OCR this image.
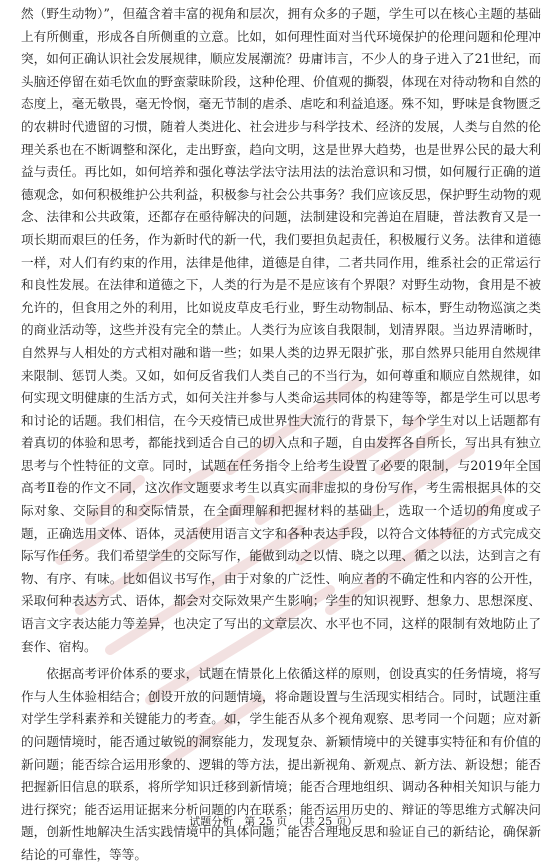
然（野生动物）”，但蕴含着丰富的视角和层次，拥有众多的子题，学生可以在核心主题的基础上有所侧重，形成各自所侧重的立意。比如，如何理性面对当代环境保护的伦理问题和伦理冲突，如何正确认识社会发展规律，顺应发展潮流？毋庸讳言，不少人的身子进入了21世纪，而头脑还停留在茹毛饮血的野蛮蒙昧阶段，这种伦理、价值观的撕裂，体现在对待动物和自然的态度上，毫无敬畏，毫无怜悯，毫无节制的虐杀、虐吃和利益追逐。殊不知，野味是食物匮乏的农耕时代遗留的习惯，随着人类进化、社会进步与科学技术、经济的发展，人类与自然的伦理关系也在不断调整和深化，走出野蛮，趋向文明，这是世界大趋势，也是世界公民的最大利益与责任。再比如，如何培养和强化尊法学法守法用法的法治意识和习惯，如何履行正确的道德观念，如何积极维护公共利益，积极参与社会公共事务？我们应该反思，保护野生动物的观念、法律和公共政策，还都存在亟待解决的问题，法制建设和完善迫在眉睫，普法教育又是一项长期而艰巨的任务，作为新时代的新一代，我们要担负起责任，积极履行义务。法律和道德一样，对人们有约束的作用，法律是他律，道德是自律，二者共同作用，维系社会的正常运行和良性发展。在法律和道德之下，人类的行为是不是应该有个界限？对野生动物，食用是不被允许的，但食用之外的利用，比如说皮草皮毛行业，野生动物制品、标本，野生动物巡演之类的商业活动等，这些并没有完全的禁止。人类行为应该自我限制，划清界限。当边界清晰时，自然界与人相处的方式相对融和谐一些；如果人类的边界无限扩张，那自然界只能用自然规律来限制、惩罚人类。又如，如何反省我们人类自己的不当行为，如何尊重和顺应自然规律，如何实现文明健康的生活方式，如何关注并参与人类命运共同体的构建等等，都是学生可以思考和讨论的话题。我们相信，在今天疫情已成世界性大流行的背景下，每个学生对以上话题都有着真切的体验和思考，都能找到适合自己的切入点和子题，自由发挥各自所长，写出具有独立思考与个性特征的文章。同时，试题在任务指令上给考生设置了必要的限制，与2019年全国高考Ⅱ卷的作文不同，这次作文题要求考生以真实而非虚拟的身份写作，考生需根据具体的交际对象、交际目的和交际情景，在全面理解和把握材料的基础上，选取一个适切的角度或子题，正确选用文体、语体，灵活使用语言文字和各种表达手段，以符合文体特征的方式完成交际写作任务。我们希望学生的交际写作，能做到动之以情、晓之以理、循之以法，达到言之有物、有序、有味。比如倡议书写作，由于对象的广泛性、响应者的不确定性和内容的公开性，采取何种表达方式、语体，都会对交际效果产生影响；学生的知识视野、想象力、思想深度、语言文字表达能力等差异，也决定了写出的文章层次、水平也不同，这样的限制有效地防止了套作、宿构。

依据高考评价体系的要求，试题在情景化上依循这样的原则，创设真实的任务情境，将写作与人生体验相结合；创设开放的问题情境，将命题设置与生活现实相结合。同时，试题注重对学生学科素养和关键能力的考查。如，学生能否从多个视角观察、思考同一个问题；应对新的问题情境时，能否通过敏锐的洞察能力，发现复杂、新颖情境中的关键事实特征和有价值的新问题；能否综合运用形象的、逻辑的等方法，提出新视角、新观点、新方法、新设想；能否把握新旧信息的联系，将所学知识迁移到新情境；能否合理地组织、调动各种相关知识与能力进行探究；能否运用证据来分析问题的内在联系；能否运用历史的、辩证的等思维方式解决问题，创新性地解决生活实践情境中的具体问题；能否合理地反思和验证自己的新结论，确保新结论的可靠性，等等。

试题分析　第 25 页　（共 25 页）
